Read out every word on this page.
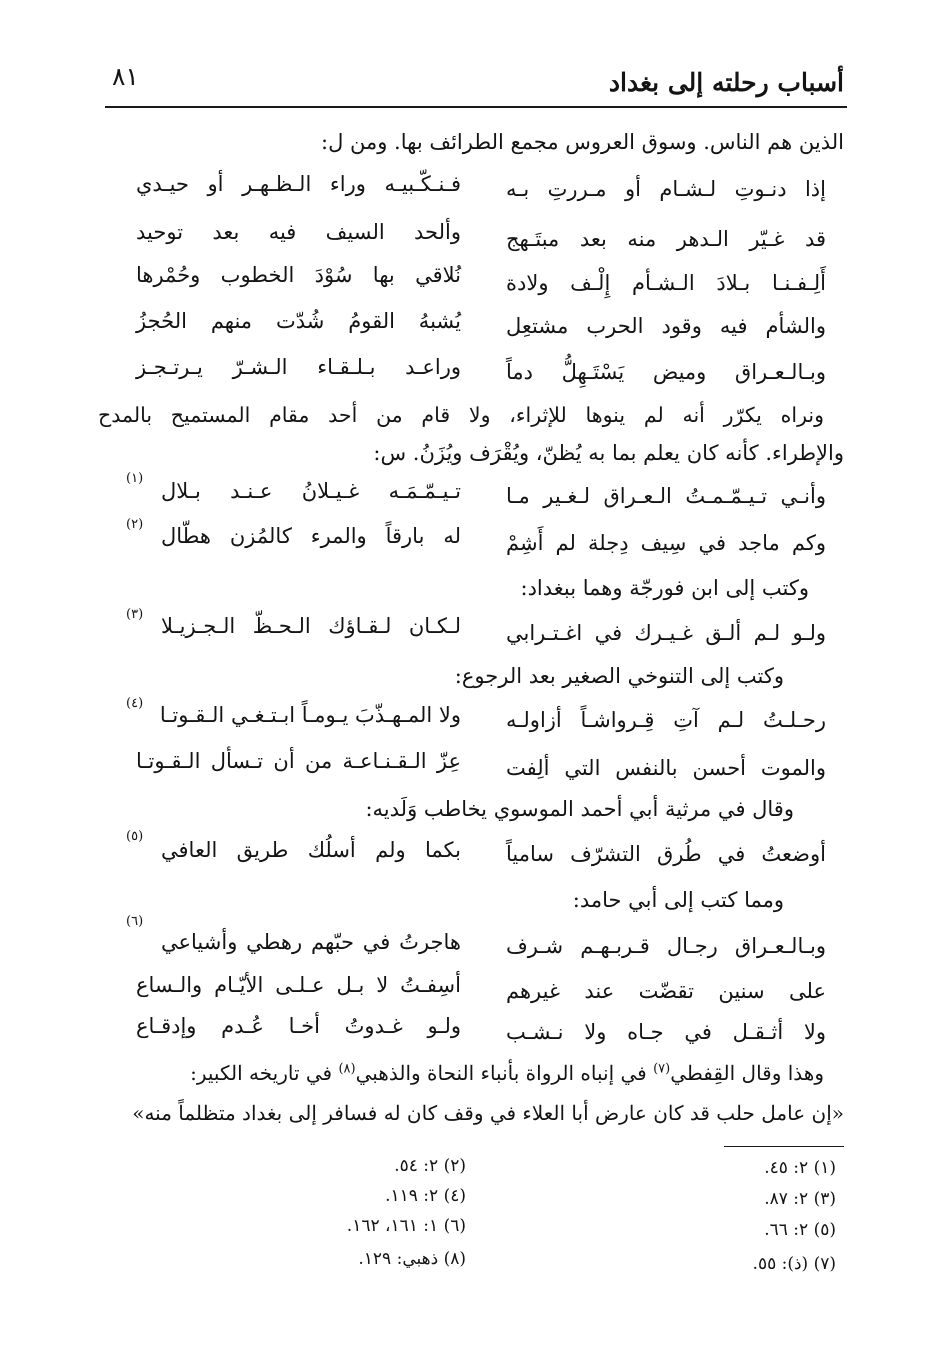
أسباب رحلته إلى بغداد
٨١
الذين هم الناس. وسوق العروس مجمع الطرائف بها. ومن ل:
إذا دنـوتِ لـشـام أو مـررتِ بـه
فـنـكّـبيـه وراء الـظـهـر أو حيـدي
قد غـيّر الـدهر منه بعد مبتَـهج
وألحد السيف فيه بعد توحيد
أَلِـفـنـا بـلادَ الـشـأم إِلْـف ولادة
نُلاقي بها سُوْدَ الخطوب وحُمْرها
والشأم فيه وقود الحرب مشتعِل
يُشبهُ القومُ شُدّت منهم الحُجزُ
وبـالـعـراق وميض يَسْتَـهِلُّ دماً
وراعـد بـلـقـاء الـشـرّ يـرتـجـز
ونراه يكرّر أنه لم ينوها للإثراء، ولا قام من أحد مقام المستميح بالمدح
والإطراء. كأنه كان يعلم بما به يُظنّ، ويُقْرَف ويُزَنُ. س:
وأنـي تـيـمّـمـتُ الـعـراق لـغـير مـا
تـيـمّـمَـه غـيـلانُ عـنـد بـلال
(١)
وكم ماجد في سِيف دِجلة لم أَشِمْ
له بارقاً والمرء كالمُزن هطّال
(٢)
وكتب إلى ابن فورجّة وهما ببغداد:
ولـو لـم ألـق غـيـرك في اغـتـرابي
لـكـان لـقـاؤك الـحـظّ الـجـزيـلا
(٣)
وكتب إلى التنوخي الصغير بعد الرجوع:
رحـلـتُ لـم آتِ قِـرواشـاً أزاولـه
ولا المـهـذّبَ يـومـاً ابـتـغـي الـقـوتـا
(٤)
والموت أحسن بالنفس التي ألِفت
عِزّ الـقـنـاعـة من أن تـسأل الـقـوتـا
وقال في مرثية أبي أحمد الموسوي يخاطب وَلَديه:
أوضعتُ في طُرق التشرّف سامياً
بكما ولم أسلُك طريق العافي
(٥)
ومما كتب إلى أبي حامد:
وبـالـعـراق رجـال قـربـهـم شـرف
هاجرتُ في حبّهم رهطي وأشياعي
(٦)
على سنين تقضّت عند غيرهم
أسِفـتُ لا بـل عـلـى الأيّـام والـساع
ولا أثـقـل في جـاه ولا نـشـب
ولـو غـدوتُ أخـا عُـدم وإدقـاع
وهذا وقال القِفطي$^{(٧)}$ في إنباه الرواة بأنباء النحاة والذهبي$^{(٨)}$ في تاريخه الكبير:
«إن عامل حلب قد كان عارض أبا العلاء في وقف كان له فسافر إلى بغداد متظلماً منه»
(١) ٢: ٤٥.
(٢) ٢: ٥٤.
(٣) ٢: ٨٧.
(٤) ٢: ١١٩.
(٥) ٢: ٦٦.
(٦) ١: ١٦١، ١٦٢.
(٧) (ذ): ٥٥.
(٨) ذهبي: ١٢٩.
